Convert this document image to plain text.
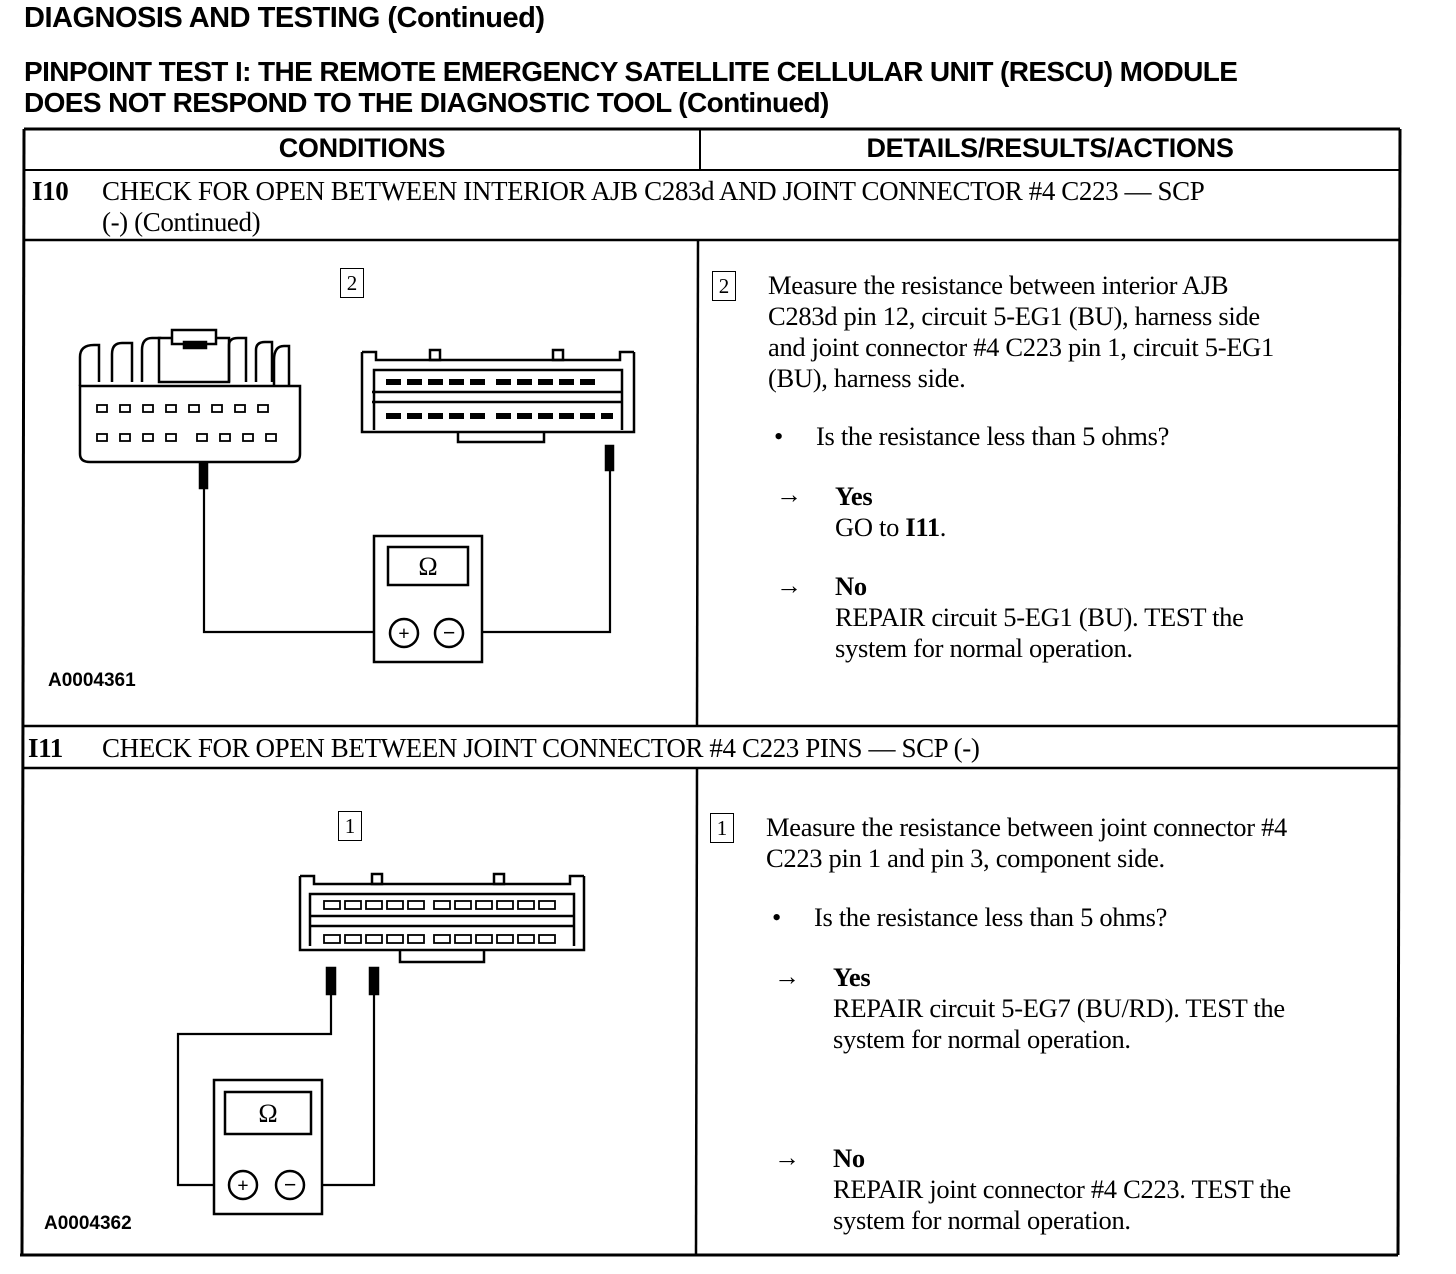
DIAGNOSIS AND TESTING (Continued)
PINPOINT TEST I: THE REMOTE EMERGENCY SATELLITE CELLULAR UNIT (RESCU) MODULE
DOES NOT RESPOND TO THE DIAGNOSTIC TOOL (Continued)
CONDITIONS	DETAILS/RESULTS/ACTIONS
I10 CHECK FOR OPEN BETWEEN INTERIOR AJB C283d AND JOINT CONNECTOR #4 C223 — SCP
(-) (Continued)
2
Ω
+ −
A0004361
2 Measure the resistance between interior AJB
C283d pin 12, circuit 5-EG1 (BU), harness side
and joint connector #4 C223 pin 1, circuit 5-EG1
(BU), harness side.
• Is the resistance less than 5 ohms?
→ Yes
GO to I11.
→ No
REPAIR circuit 5-EG1 (BU). TEST the
system for normal operation.
I11 CHECK FOR OPEN BETWEEN JOINT CONNECTOR #4 C223 PINS — SCP (-)
1
Ω
+ −
A0004362
1 Measure the resistance between joint connector #4
C223 pin 1 and pin 3, component side.
• Is the resistance less than 5 ohms?
→ Yes
REPAIR circuit 5-EG7 (BU/RD). TEST the
system for normal operation.
→ No
REPAIR joint connector #4 C223. TEST the
system for normal operation.
